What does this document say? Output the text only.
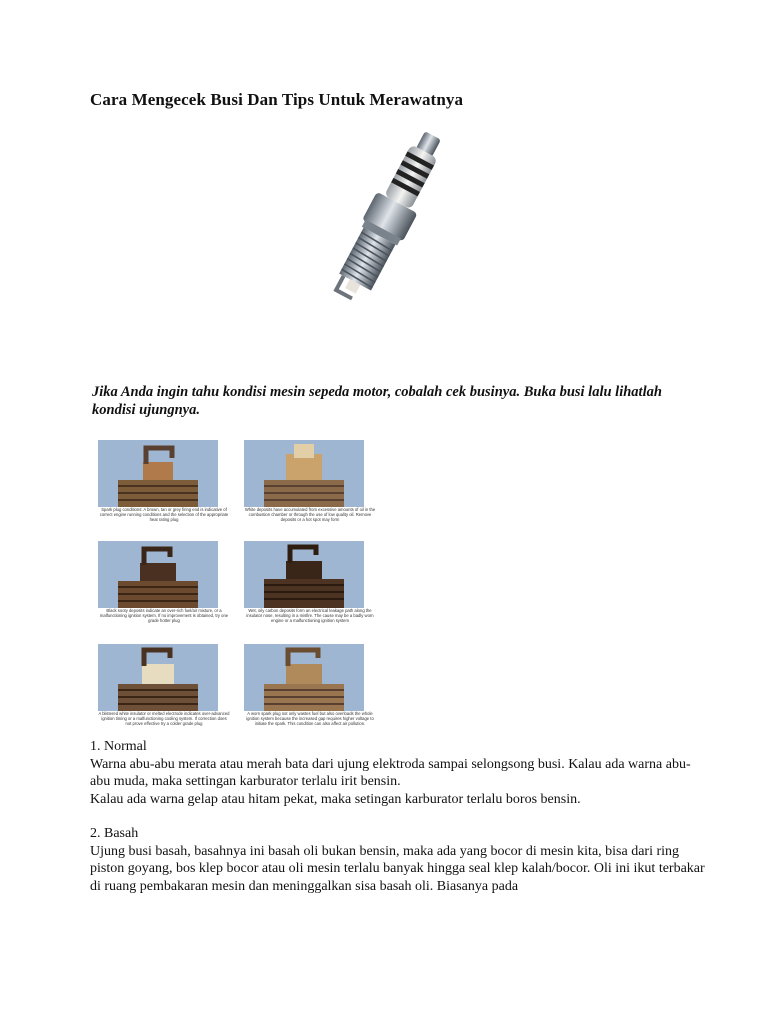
Cara Mengecek Busi Dan Tips Untuk Merawatnya
Jika Anda ingin tahu kondisi mesin sepeda motor, cobalah cek businya. Buka busi lalu lihatlah kondisi ujungnya.
Spark plug conditions: A brown, tan or grey firing end is indicative of correct engine running conditions and the selection of the appropriate heat rating plug
White deposits have accumulated from excessive amounts of oil in the combustion chamber or through the use of low quality oil. Remove deposits or a hot spot may form
Black sooty deposits indicate an over-rich fuel/air mixture, or a malfunctioning ignition system. If no improvement is obtained, try one grade hotter plug
Wet, oily carbon deposits form an electrical leakage path along the insulator nose, resulting in a misfire. The cause may be a badly worn engine or a malfunctioning ignition system
A blistered white insulator or melted electrode indicates over-advanced ignition timing or a malfunctioning cooling system. If correction does not prove effective try a colder grade plug
A worn spark plug not only wastes fuel but also overloads the whole ignition system because the increased gap requires higher voltage to initiate the spark. This condition can also affect air pollution.

1. Normal

Warna abu-abu merata atau merah bata dari ujung elektroda sampai selongsong busi. Kalau ada warna abu-abu muda, maka settingan karburator terlalu irit bensin.

Kalau ada warna gelap atau hitam pekat, maka setingan karburator terlalu boros bensin.

2. Basah

Ujung busi basah, basahnya ini basah oli bukan bensin, maka ada yang bocor di mesin kita, bisa dari ring piston goyang, bos klep bocor atau oli mesin terlalu banyak hingga seal klep kalah/bocor. Oli ini ikut terbakar di ruang pembakaran mesin dan meninggalkan sisa basah oli. Biasanya pada
